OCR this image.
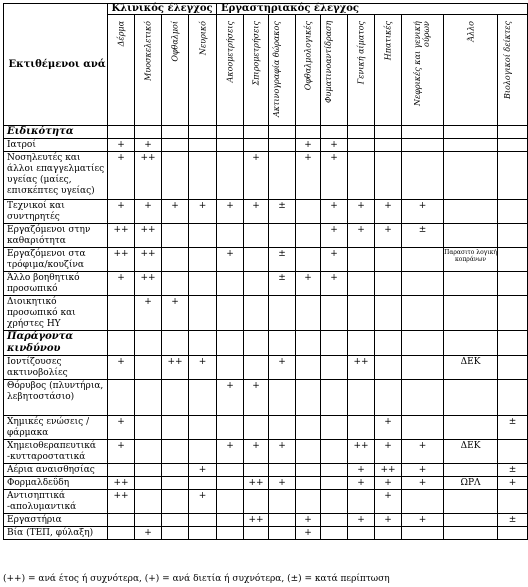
Εκτιθέμενοι ανά	Κλινικός έλεγχος				Εργαστηριακός έλεγχος									

	Δέρμα	Μυοσκελετικό	Οφθαλμοί	Νευρικό	Ακοομετρήσεις	Σπιρομετρήσεις	Ακτινογραφία θώρακος	Οφθαλμολογικές	Φυματινοαντίδραση	Γενική αίματος	Ηπατικές	Νεφρικές και γενική ούρων	Άλλο	Βιολογικοί δείκτες

Ειδικότητα														
Ιατροί	+	+						+	+					
Νοσηλευτές και άλλοι επαγγελματίες υγείας (μαίες, επισκέπτες υγείας)	+	++				+		+	+					
Τεχνικοί και συντηρητές	+	+	+	+	+	+	±		+	+	+	+		
Εργαζόμενοι στην καθαριότητα	++	++							+	+	+	±		
Εργαζόμενοι στα τρόφιμα/κουζίνα	++	++			+		±		+				Παρασιτο λογική κοπράνων	
Άλλο βοηθητικό προσωπικό	+	++					±	+	+					
Διοικητικό προσωπικό και χρήστες ΗΥ		+	+											
Παράγοντα κινδύνου														
Ιοντίζουσες ακτινοβολίες	+		++	+			+			++			ΔΕΚ	
Θόρυβος (πλυντήρια, λεβητοστάσιο)					+	+								
Χημικές ενώσεις / φάρμακα	+										+			±
Χημειοθεραπευτικά -κυτταροστατικά	+				+	+	+			++	+	+	ΔΕΚ	
Αέρια αναισθησίας				+						+	++	+		±
Φορμαλδεΰδη	++					++	+			+	+	+	ΩΡΛ	+
Αντισηπτικά -απολυμαντικά	++			+							+			
Εργαστήρια						++		+		+	+	+		±
Βία (ΤΕΠ, φύλαξη)		+						+						
(++) = ανά έτος ή συχνότερα, (+) = ανά διετία ή συχνότερα, (±) = κατά περίπτωση
